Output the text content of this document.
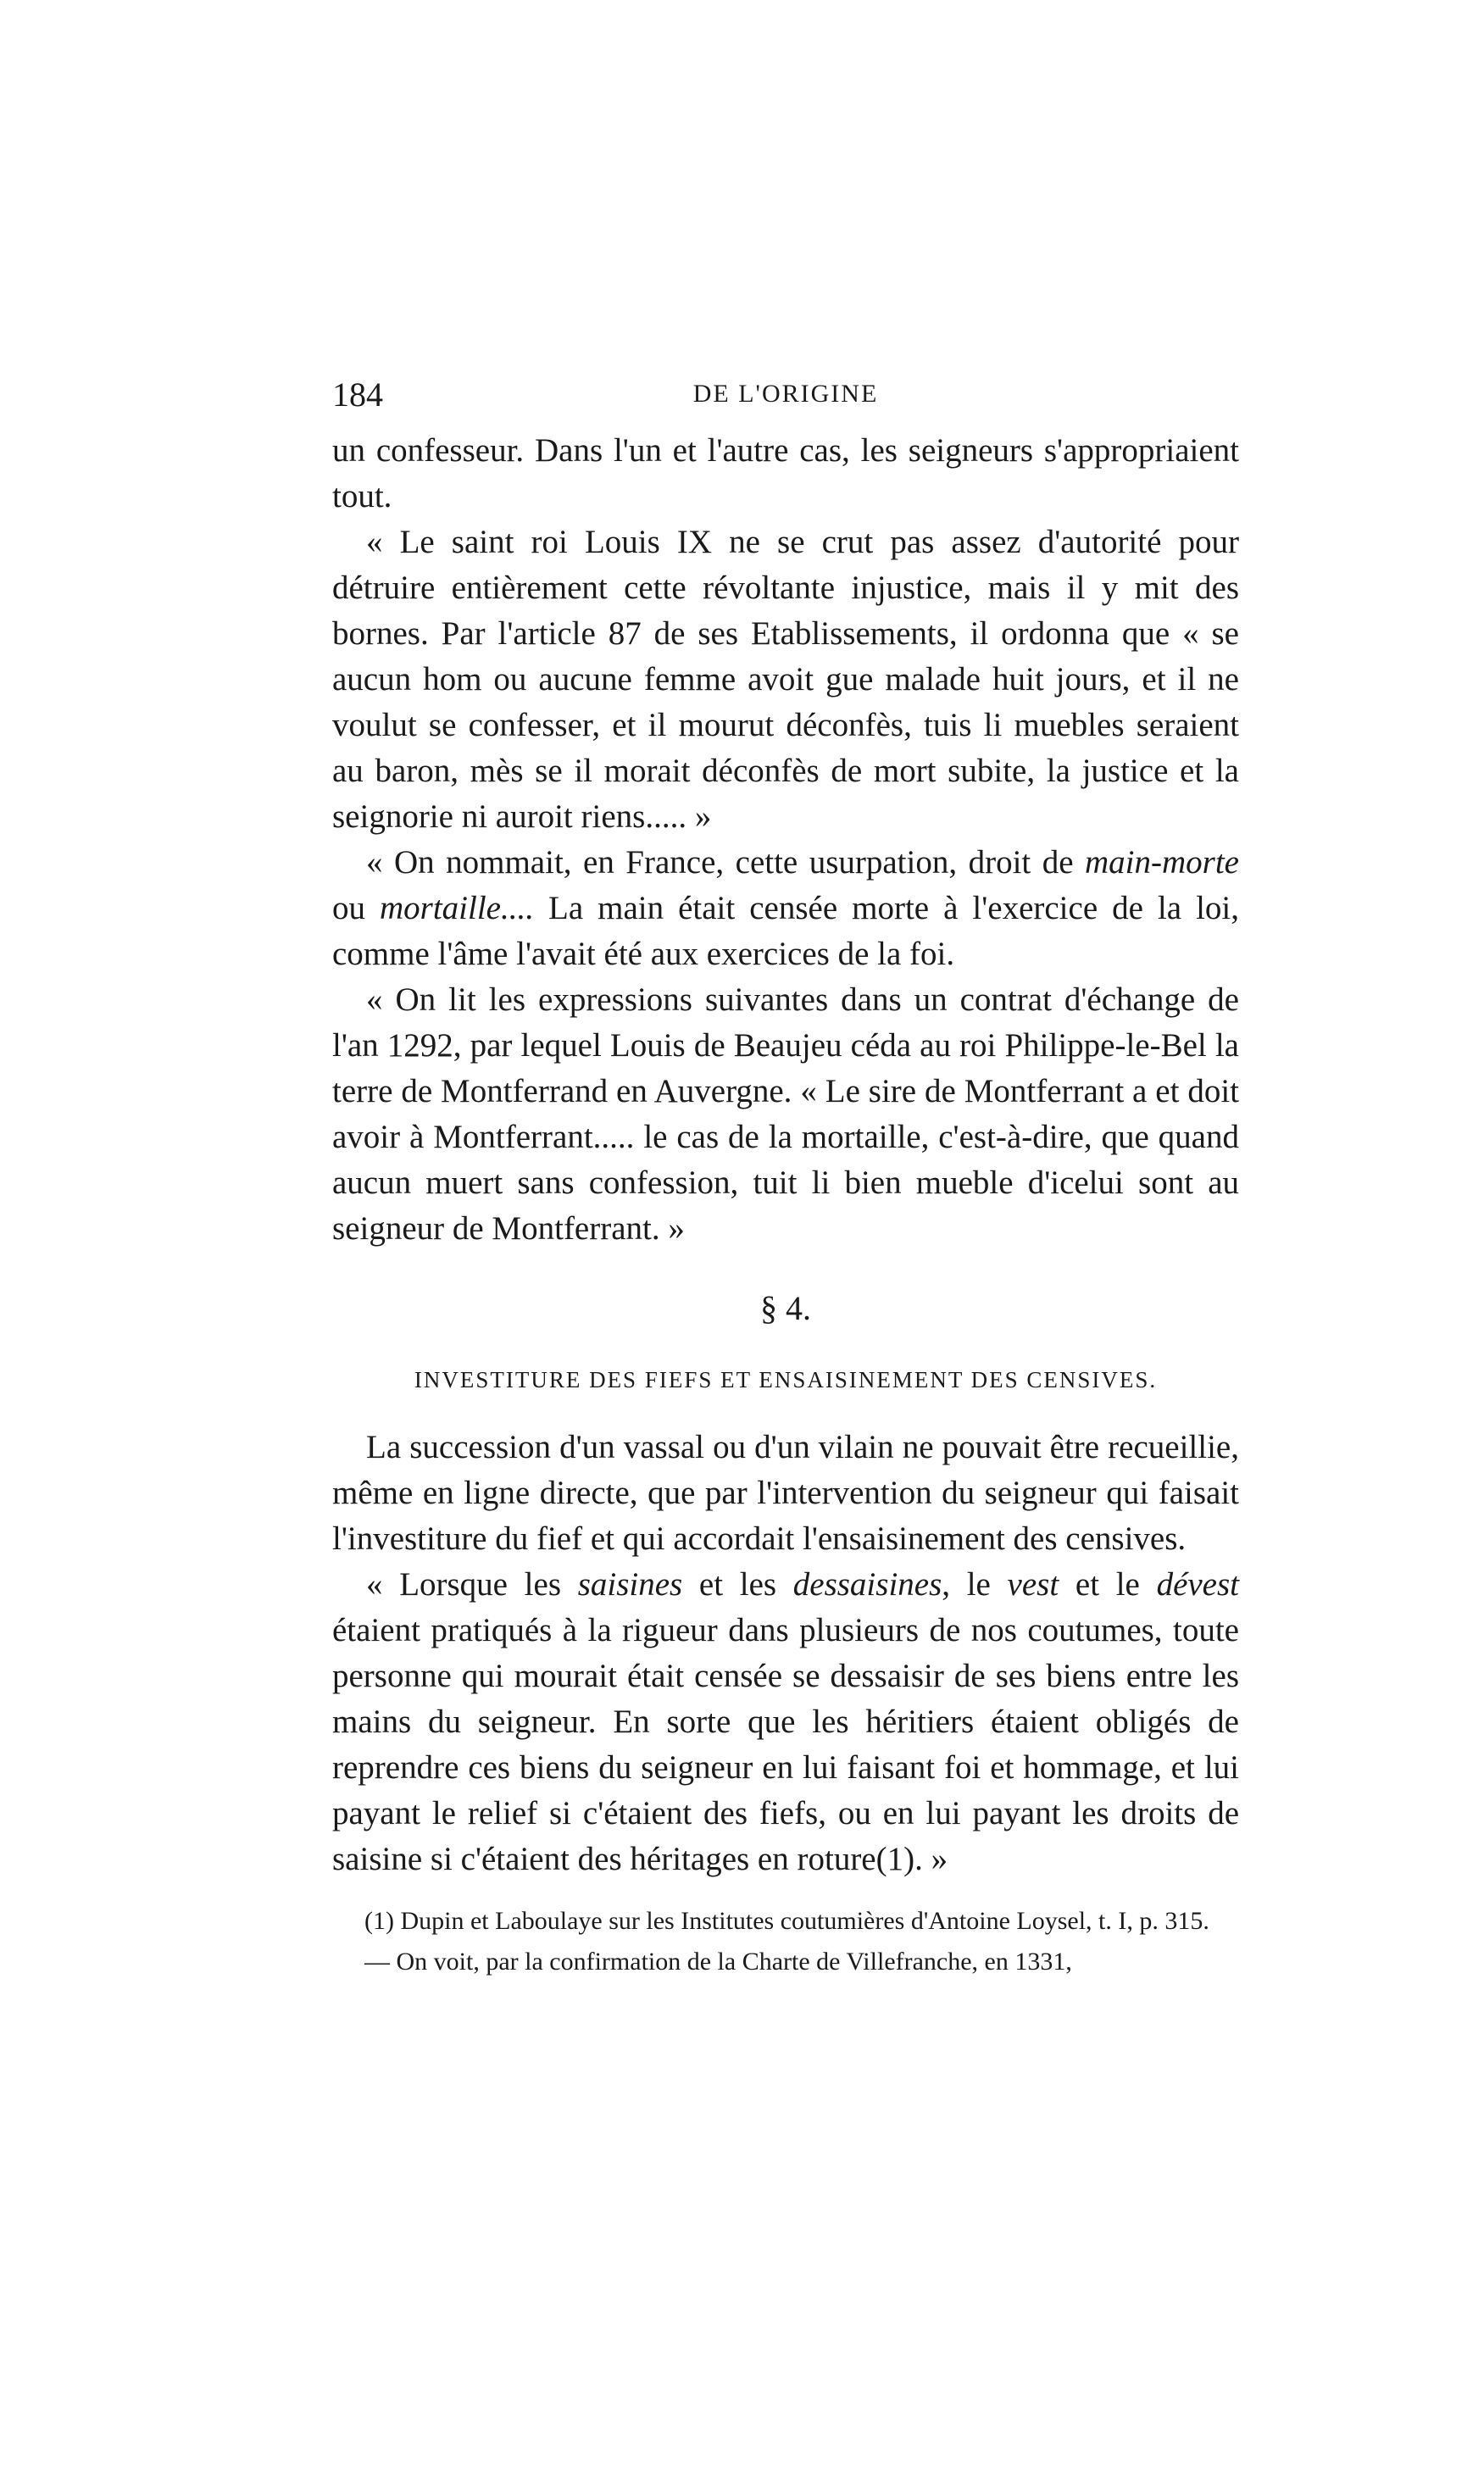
184	DE L'ORIGINE

un confesseur. Dans l'un et l'autre cas, les seigneurs s'appropriaient tout.

« Le saint roi Louis IX ne se crut pas assez d'autorité pour détruire entièrement cette révoltante injustice, mais il y mit des bornes. Par l'article 87 de ses Etablissements, il ordonna que « se aucun hom ou aucune femme avoit gue malade huit jours, et il ne voulut se confesser, et il mourut déconfès, tuis li muebles seraient au baron, mès se il morait déconfès de mort subite, la justice et la seignorie ni auroit riens..... »

« On nommait, en France, cette usurpation, droit de main-morte ou mortaille.... La main était censée morte à l'exercice de la loi, comme l'âme l'avait été aux exercices de la foi.

« On lit les expressions suivantes dans un contrat d'échange de l'an 1292, par lequel Louis de Beaujeu céda au roi Philippe-le-Bel la terre de Montferrand en Auvergne. « Le sire de Montferrant a et doit avoir à Montferrant..... le cas de la mortaille, c'est-à-dire, que quand aucun muert sans confession, tuit li bien mueble d'icelui sont au seigneur de Montferrant. »

§ 4.
INVESTITURE DES FIEFS ET ENSAISINEMENT DES CENSIVES.

La succession d'un vassal ou d'un vilain ne pouvait être recueillie, même en ligne directe, que par l'intervention du seigneur qui faisait l'investiture du fief et qui accordait l'ensaisinement des censives.

« Lorsque les saisines et les dessaisines, le vest et le dévest étaient pratiqués à la rigueur dans plusieurs de nos coutumes, toute personne qui mourait était censée se dessaisir de ses biens entre les mains du seigneur. En sorte que les héritiers étaient obligés de reprendre ces biens du seigneur en lui faisant foi et hommage, et lui payant le relief si c'étaient des fiefs, ou en lui payant les droits de saisine si c'étaient des héritages en roture(1). »

(1) Dupin et Laboulaye sur les Institutes coutumières d'Antoine Loysel, t. I, p. 315.

— On voit, par la confirmation de la Charte de Villefranche, en 1331,
